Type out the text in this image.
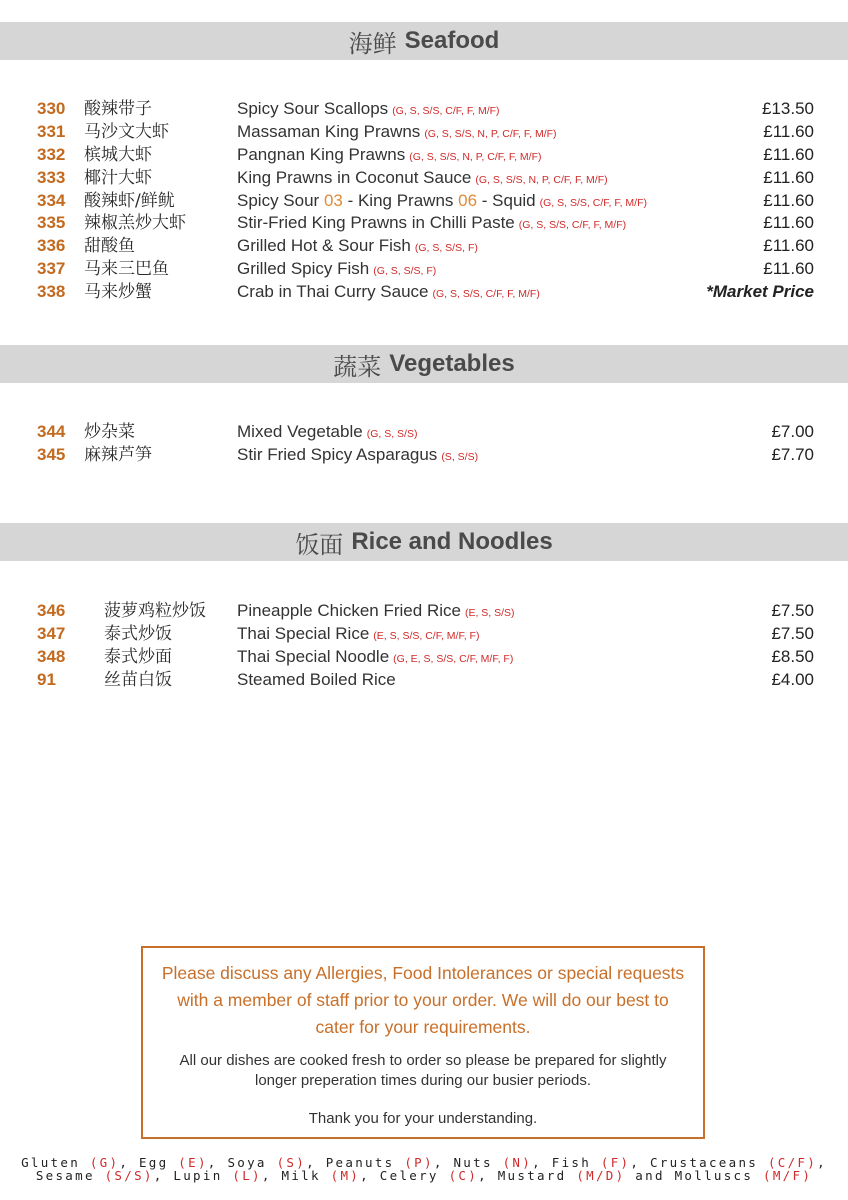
海鲜 Seafood
330 酸辣带子	Spicy Sour Scallops (G, S, S/S, C/F, F, M/F)	£13.50
331 马沙文大虾	Massaman King Prawns (G, S, S/S, N, P, C/F, F, M/F)	£11.60
332 槟城大虾	Pangnan King Prawns (G, S, S/S, N, P, C/F, F, M/F)	£11.60
333 椰汁大虾	King Prawns in Coconut Sauce (G, S, S/S, N, P, C/F, F, M/F)	£11.60
334 酸辣虾/鲜鱿	Spicy Sour 03 - King Prawns 06 - Squid (G, S, S/S, C/F, F, M/F)	£11.60
335 辣椒羔炒大虾	Stir-Fried King Prawns in Chilli Paste (G, S, S/S, C/F, F, M/F)	£11.60
336 甜酸鱼	Grilled Hot & Sour Fish (G, S, S/S, F)	£11.60
337 马来三巴鱼	Grilled Spicy Fish (G, S, S/S, F)	£11.60
338 马来炒蟹	Crab in Thai Curry Sauce (G, S, S/S, C/F, F, M/F)	*Market Price
蔬菜 Vegetables
344 炒杂菜	Mixed Vegetable (G, S, S/S)	£7.00
345 麻辣芦笋	Stir Fried Spicy Asparagus (S, S/S)	£7.70
饭面 Rice and Noodles
346 菠萝鸡粒炒饭 Pineapple Chicken Fried Rice (E, S, S/S)	£7.50
347 泰式炒饭	Thai Special Rice (E, S, S/S, C/F, M/F, F)	£7.50
348 泰式炒面	Thai Special Noodle (G, E, S, S/S, C/F, M/F, F)	£8.50
91	丝苗白饭	Steamed Boiled Rice	£4.00
Please discuss any Allergies, Food Intolerances or special requests with a member of staff prior to your order. We will do our best to cater for your requirements.
All our dishes are cooked fresh to order so please be prepared for slightly longer preperation times during our busier periods.
Thank you for your understanding.
Gluten (G), Egg (E), Soya (S), Peanuts (P), Nuts (N), Fish (F), Crustaceans (C/F),
Sesame (S/S), Lupin (L), Milk (M), Celery (C), Mustard (M/D) and Molluscs (M/F)
